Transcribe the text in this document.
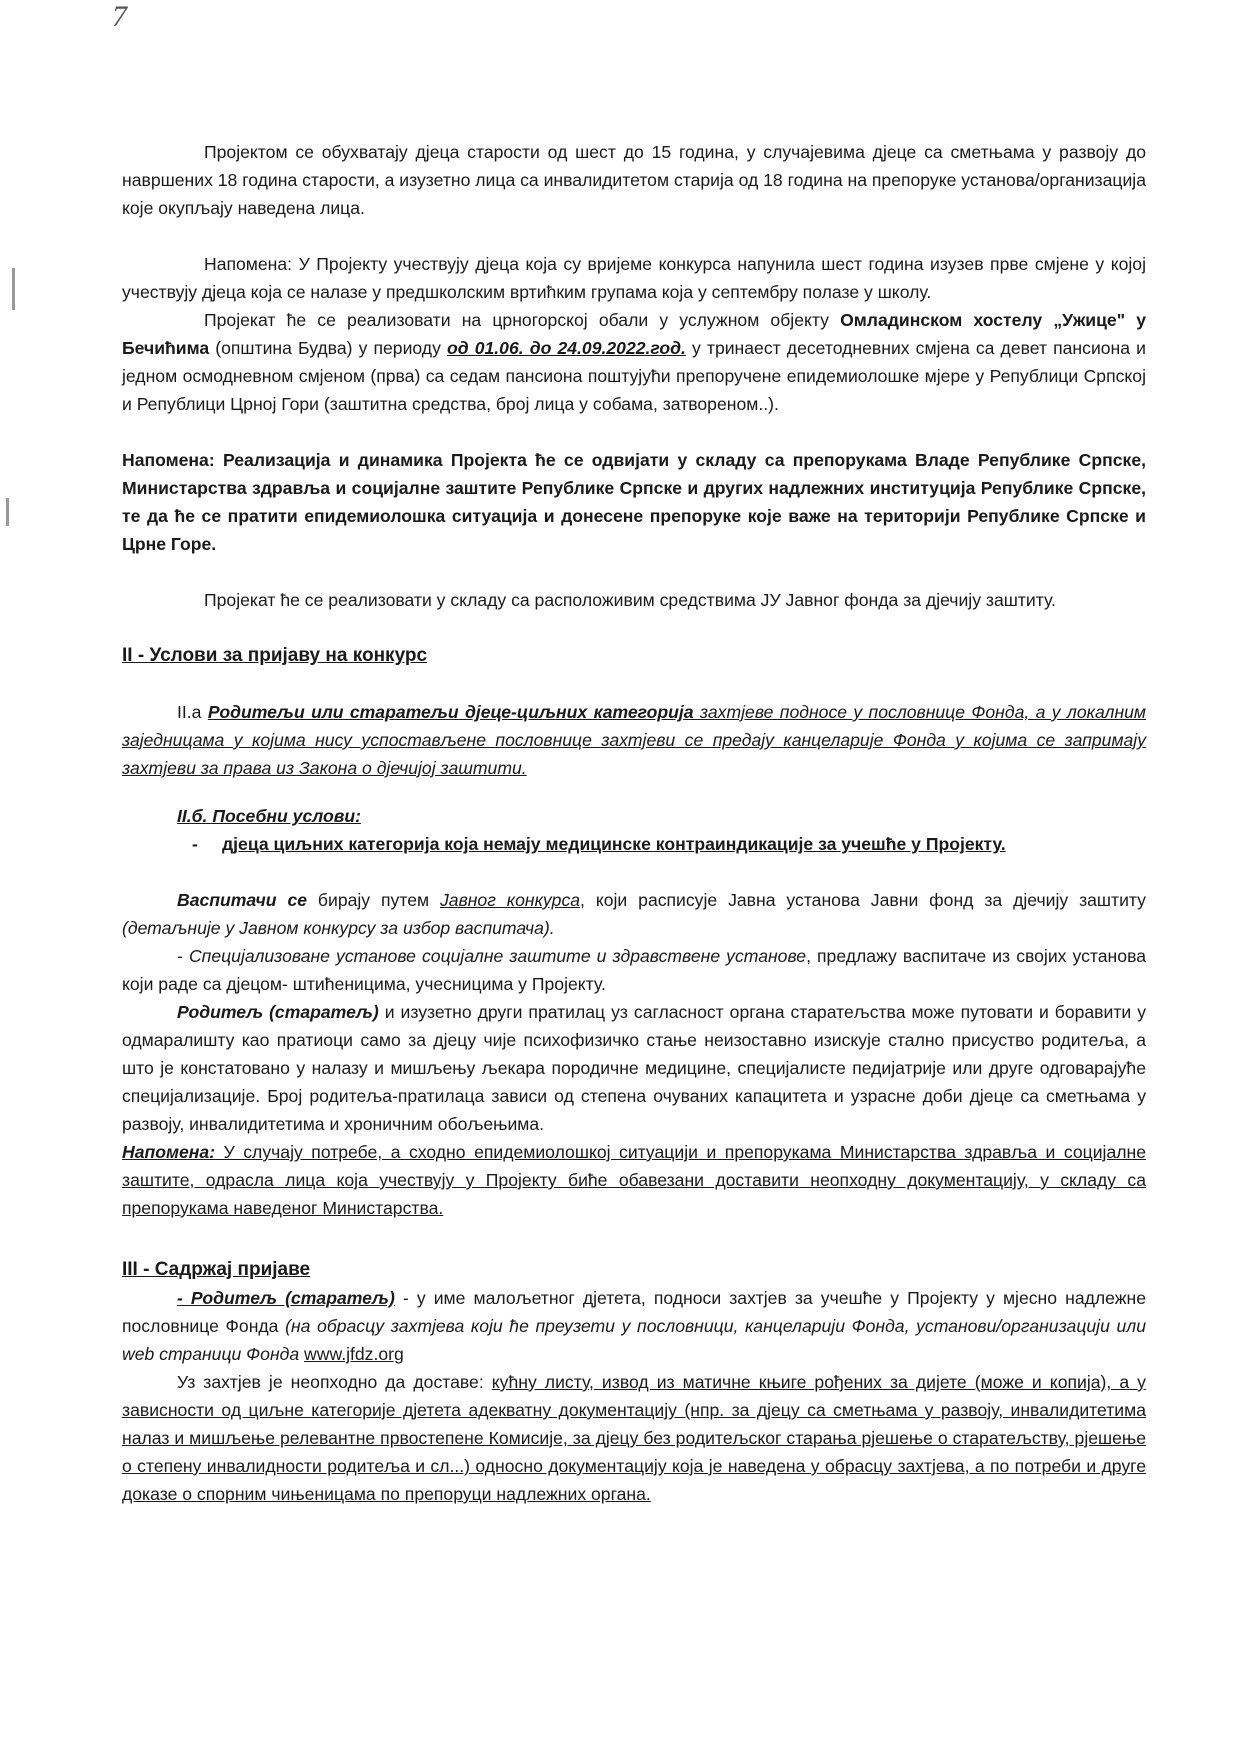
7

Пројектом се обухватају дјеца старости од шест до 15 година, у случајевима дјеце са сметњама у развоју до навршених 18 година старости, а изузетно лица са инвалидитетом старија од 18 година на препоруке установа/организација које окупљају наведена лица.

Напомена: У Пројекту учествују дјеца која су вријеме конкурса напунила шест година изузев прве смјене у којој учествују дјеца која се налазе у предшколским вртићким групама која у септембру полазе у школу.

Пројекат ће се реализовати на црногорској обали у услужном објекту Омладинском хостелу „Ужице" у Бечићима (општина Будва) у периоду од 01.06. до 24.09.2022.год. у тринаест десетодневних смјена са девет пансиона и једном осмодневном смјеном (прва) са седам пансиона поштујући препоручене епидемиолошке мјере у Републици Српској и Републици Црној Гори (заштитна средства, број лица у собама, затвореном..).

Напомена: Реализација и динамика Пројекта ће се одвијати у складу са препорукама Владе Републике Српске, Министарства здравља и социјалне заштите Републике Српске и других надлежних институција Републике Српске, те да ће се пратити епидемиолошка ситуација и донесене препоруке које важе на територији Републике Српске и Црне Горе.

Пројекат ће се реализовати у складу са расположивим средствима ЈУ Јавног фонда за дјечију заштиту.

II - Услови за пријаву на конкурс

II.а Родитељи или старатељи дјеце-циљних категорија захтјеве подносе у пословнице Фонда, а у локалним заједницама у којима нису успостављене пословнице захтјеви се предају канцеларије Фонда у којима се запримају захтјеви за права из Закона о дјечијој заштити.

II.б. Посебни услови:

- дјеца циљних категорија која немају медицинске контраиндикације за учешће у Пројекту.

Васпитачи се бирају путем Јавног конкурса, који расписује Јавна установа Јавни фонд за дјечију заштиту (детаљније у Јавном конкурсу за избор васпитача).

- Специјализоване установе социјалне заштите и здравствене установе, предлажу васпитаче из својих установа који раде са дјецом- штићеницима, учесницима у Пројекту.

Родитељ (старатељ) и изузетно други пратилац уз сагласност органа старатељства може путовати и боравити у одмаралишту као пратиоци само за дјецу чије психофизичко стање неизоставно изискује стално присуство родитеља, а што је констатовано у налазу и мишљењу љекара породичне медицине, специјалисте педијатрије или друге одговарајуће специјализације. Број родитеља-пратилаца зависи од степена очуваних капацитета и узрасне доби дјеце са сметњама у развоју, инвалидитетима и хроничним обољењима.

Напомена: У случају потребе, а сходно епидемиолошкој ситуацији и препорукама Министарства здравља и социјалне заштите, одрасла лица која учествују у Пројекту биће обавезани доставити неопходну документацију, у складу са препорукама наведеног Министарства.

III - Садржај пријаве

- Родитељ (старатељ) - у име малољетног дјетета, подноси захтјев за учешће у Пројекту у мјесно надлежне пословнице Фонда (на обрасцу захтјева који ће преузети у пословници, канцеларији Фонда, установи/организацији или web страници Фонда www.jfdz.org

Уз захтјев је неопходно да доставе: кућну листу, извод из матичне књиге рођених за дијете (може и копија), а у зависности од циљне категорије дјетета адекватну документацију (нпр. за дјецу са сметњама у развоју, инвалидитетима налаз и мишљење релевантне првостепене Комисије, за дјецу без родитељског старања рјешење о старатељству, рјешење о степену инвалидности родитеља и сл...) односно документацију која је наведена у обрасцу захтјева, а по потреби и друге доказе о спорним чињеницама по препоруци надлежних органа.
